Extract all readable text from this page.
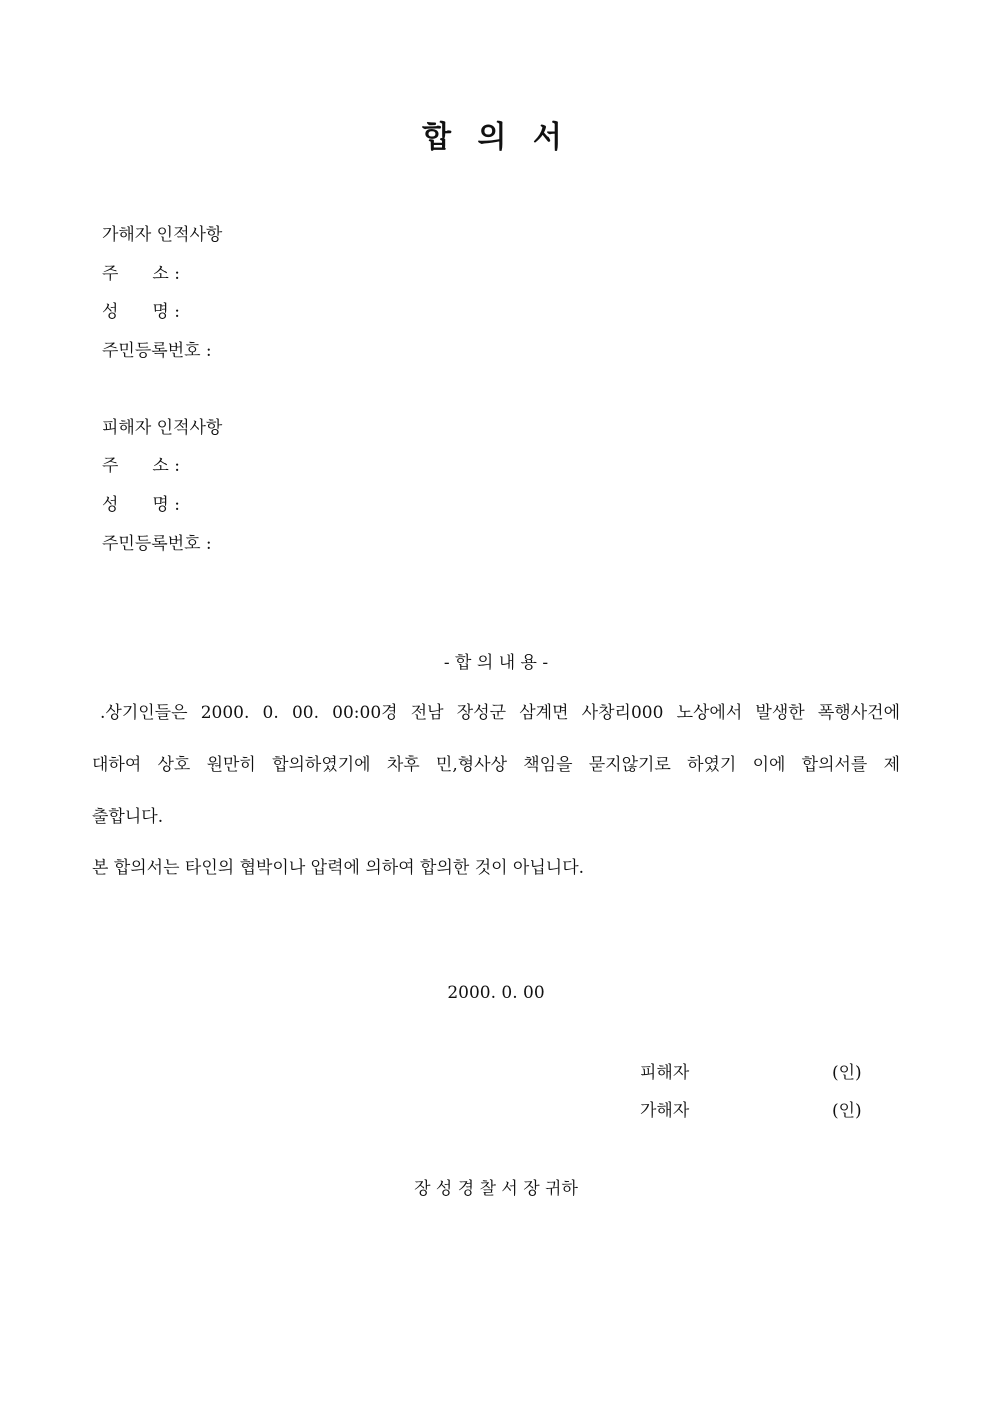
합 의 서
가해자 인적사항
주　　소 :
성　　명 :
주민등록번호 :
피해자 인적사항
주　　소 :
성　　명 :
주민등록번호 :
- 합 의 내 용 -
.상기인들은 2000. 0. 00. 00:00경 전남 장성군 삼계면 사창리000 노상에서 발생한 폭행사건에
대하여 상호 원만히 합의하였기에 차후 민,형사상 책임을 묻지않기로 하였기 이에 합의서를 제
출합니다.
본 합의서는 타인의 협박이나 압력에 의하여 합의한 것이 아닙니다.
2000. 0. 00
피해자	(인)
가해자	(인)
장 성 경 찰 서 장 귀하
